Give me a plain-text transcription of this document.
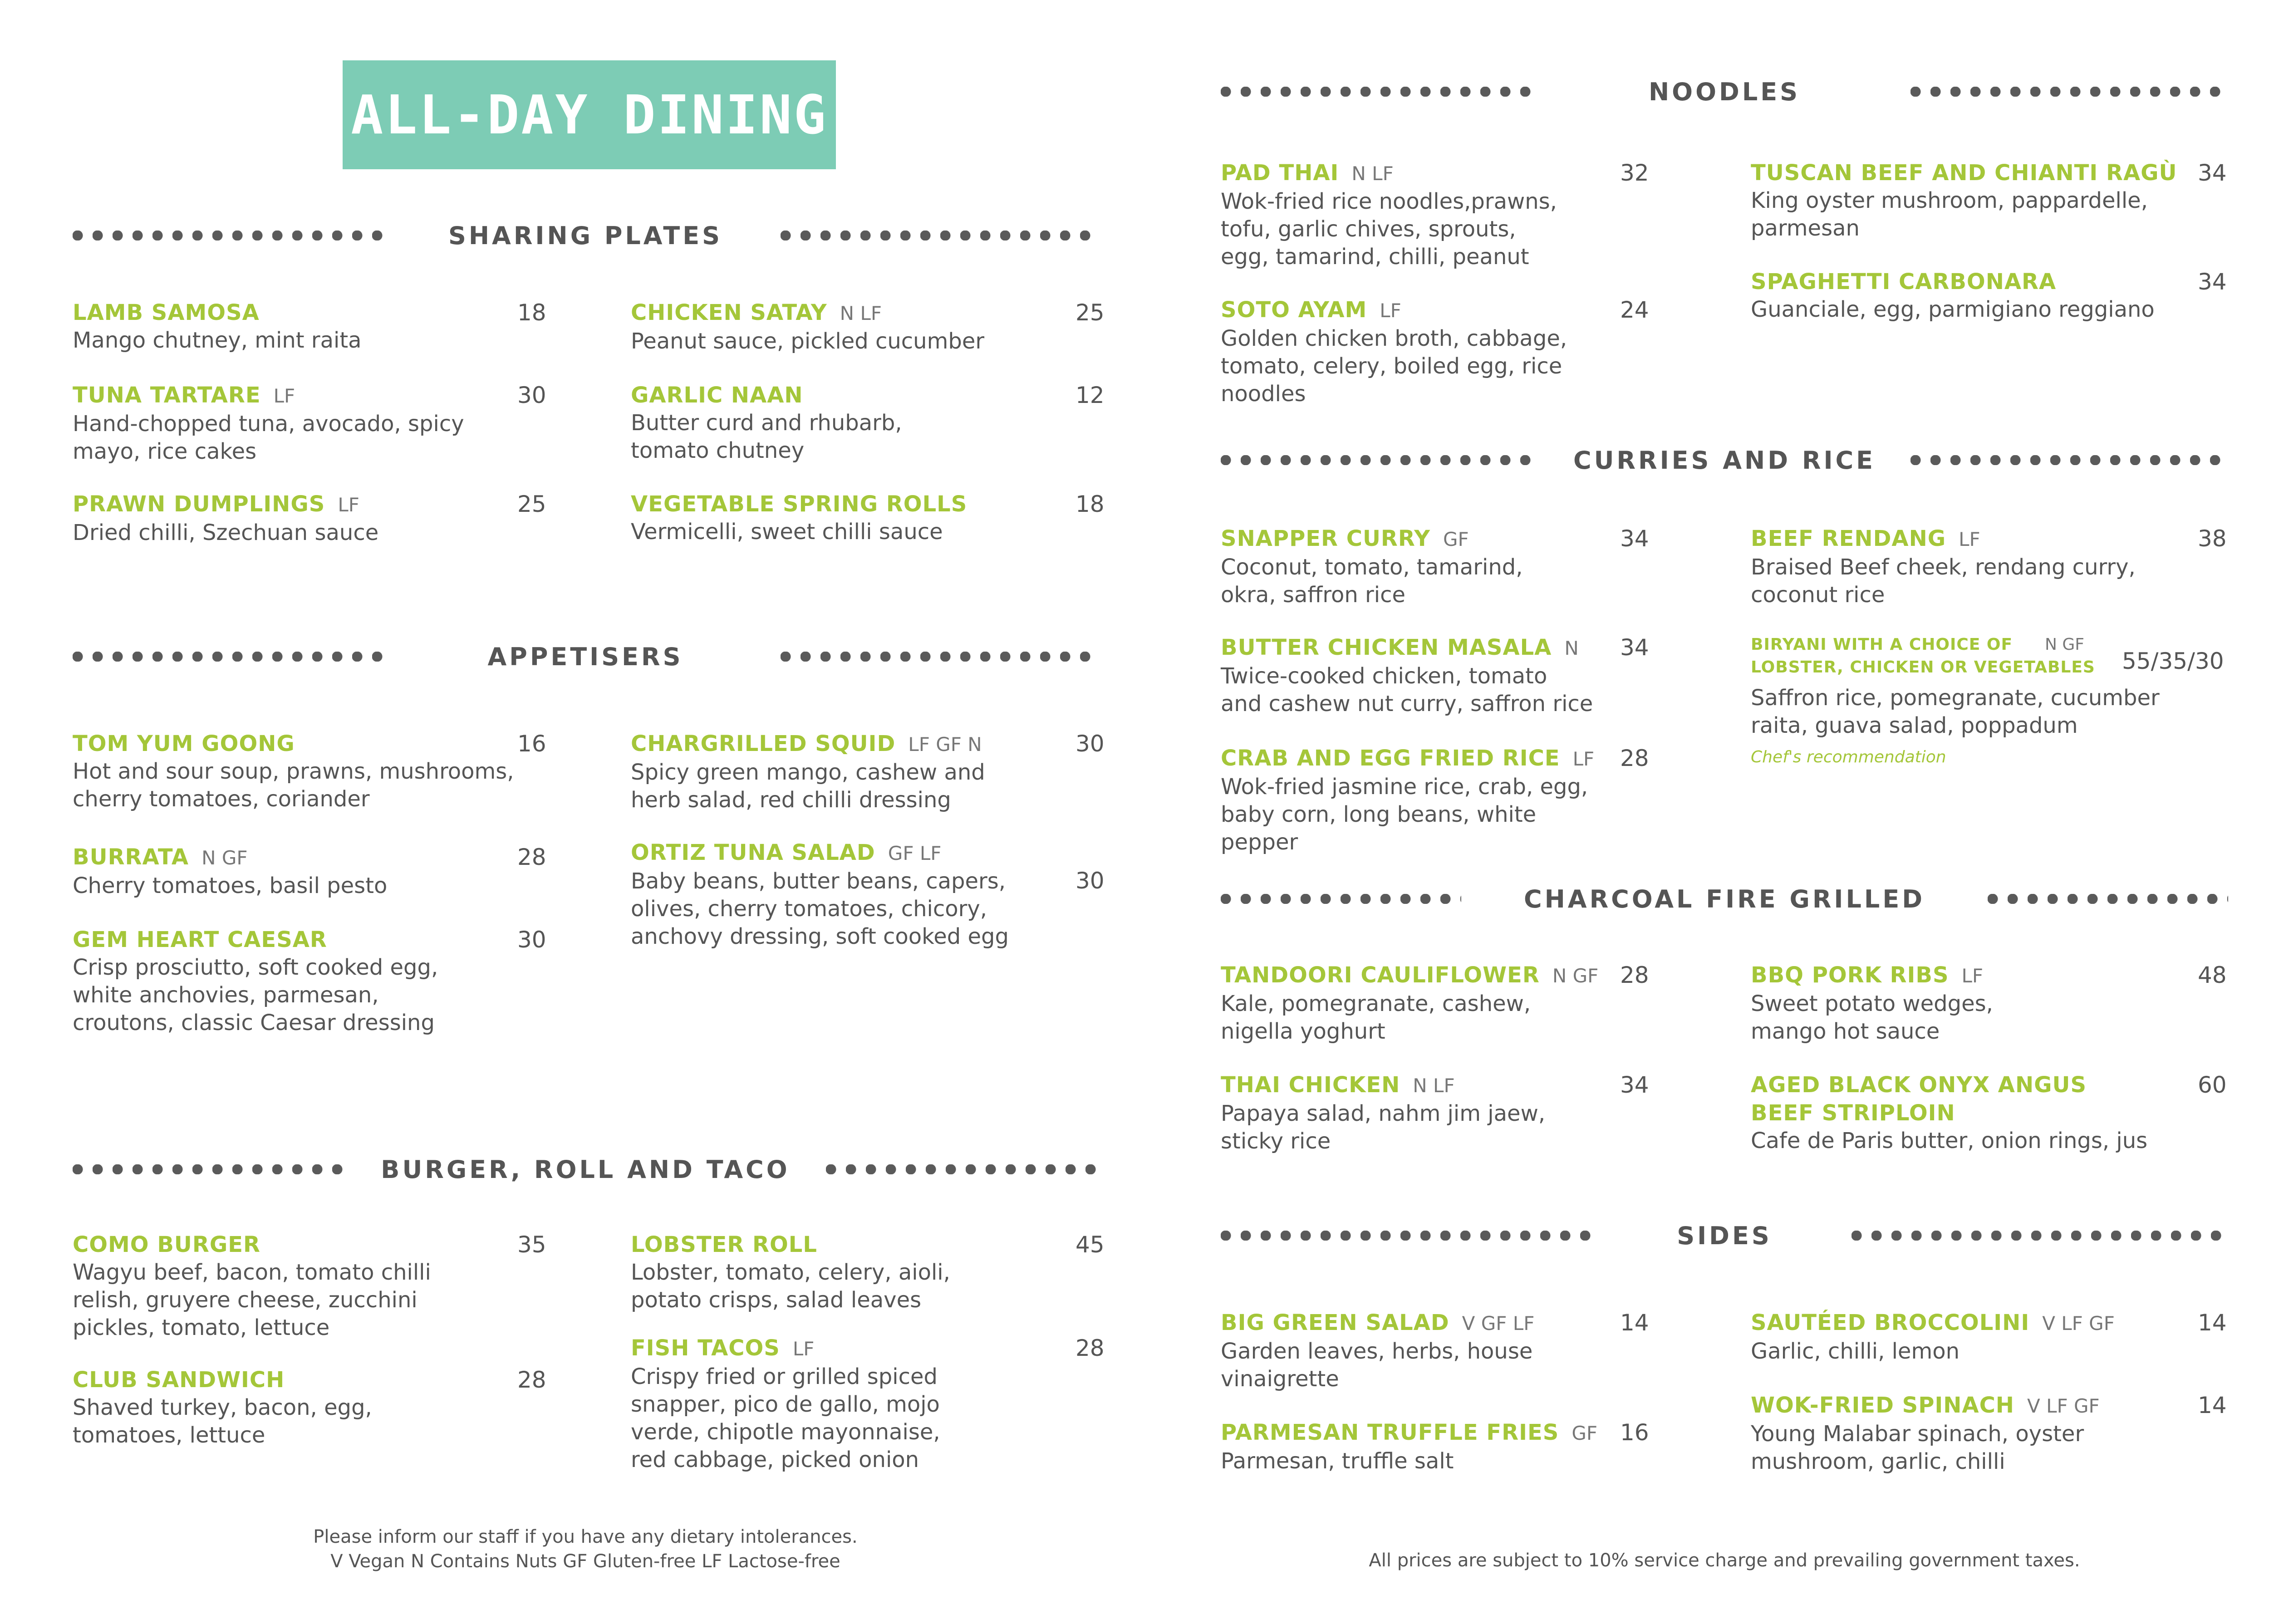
ALL-DAY DINING
SHARING PLATES
LAMB SAMOSA	18
Mango chutney, mint raita
TUNA TARTARE LF	30
Hand-chopped tuna, avocado, spicy
mayo, rice cakes
PRAWN DUMPLINGS LF	25
Dried chilli, Szechuan sauce
CHICKEN SATAY N LF	25
Peanut sauce, pickled cucumber
GARLIC NAAN	12
Butter curd and rhubarb,
tomato chutney
VEGETABLE SPRING ROLLS	18
Vermicelli, sweet chilli sauce
APPETISERS
TOM YUM GOONG	16
Hot and sour soup, prawns, mushrooms,
cherry tomatoes, coriander
BURRATA N GF	28
Cherry tomatoes, basil pesto
GEM HEART CAESAR	30
Crisp prosciutto, soft cooked egg,
white anchovies, parmesan,
croutons, classic Caesar dressing
CHARGRILLED SQUID LF GF N	30
Spicy green mango, cashew and
herb salad, red chilli dressing
ORTIZ TUNA SALAD GF LF
30
Baby beans, butter beans, capers,
olives, cherry tomatoes, chicory,
anchovy dressing, soft cooked egg
BURGER, ROLL AND TACO
COMO BURGER	35
Wagyu beef, bacon, tomato chilli
relish, gruyere cheese, zucchini
pickles, tomato, lettuce
CLUB SANDWICH	28
Shaved turkey, bacon, egg,
tomatoes, lettuce
LOBSTER ROLL	45
Lobster, tomato, celery, aioli,
potato crisps, salad leaves
FISH TACOS LF	28
Crispy fried or grilled spiced
snapper, pico de gallo, mojo
verde, chipotle mayonnaise,
red cabbage, picked onion
Please inform our staff if you have any dietary intolerances.
V Vegan N Contains Nuts GF Gluten-free LF Lactose-free
NOODLES
PAD THAI N LF	32
Wok-fried rice noodles,prawns,
tofu, garlic chives, sprouts,
egg, tamarind, chilli, peanut
SOTO AYAM LF	24
Golden chicken broth, cabbage,
tomato, celery, boiled egg, rice
noodles
TUSCAN BEEF AND CHIANTI RAGÙ 34
King oyster mushroom, pappardelle,
parmesan
SPAGHETTI CARBONARA	34
Guanciale, egg, parmigiano reggiano
CURRIES AND RICE
SNAPPER CURRY GF	34
Coconut, tomato, tamarind,
okra, saffron rice
BUTTER CHICKEN MASALA N 34
Twice-cooked chicken, tomato
and cashew nut curry, saffron rice
CRAB AND EGG FRIED RICE LF 28
Wok-fried jasmine rice, crab, egg,
baby corn, long beans, white
pepper
BEEF RENDANG LF	38
Braised Beef cheek, rendang curry,
coconut rice
BIRYANI WITH A CHOICE OF
LOBSTER, CHICKEN OR VEGETABLES
N GF
55/35/30
Saffron rice, pomegranate, cucumber
raita, guava salad, poppadum
Chef's recommendation
CHARCOAL FIRE GRILLED
TANDOORI CAULIFLOWER N GF 28
Kale, pomegranate, cashew,
nigella yoghurt
THAI CHICKEN N LF	34
Papaya salad, nahm jim jaew,
sticky rice
BBQ PORK RIBS LF	48
Sweet potato wedges,
mango hot sauce
AGED BLACK ONYX ANGUS
BEEF STRIPLOIN
60
Cafe de Paris butter, onion rings, jus
SIDES
BIG GREEN SALAD V GF LF	14
Garden leaves, herbs, house
vinaigrette
PARMESAN TRUFFLE FRIES GF 16
Parmesan, truffle salt
SAUTÉED BROCCOLINI V LF GF	14
Garlic, chilli, lemon
WOK-FRIED SPINACH V LF GF	14
Young Malabar spinach, oyster
mushroom, garlic, chilli
All prices are subject to 10% service charge and prevailing government taxes.
